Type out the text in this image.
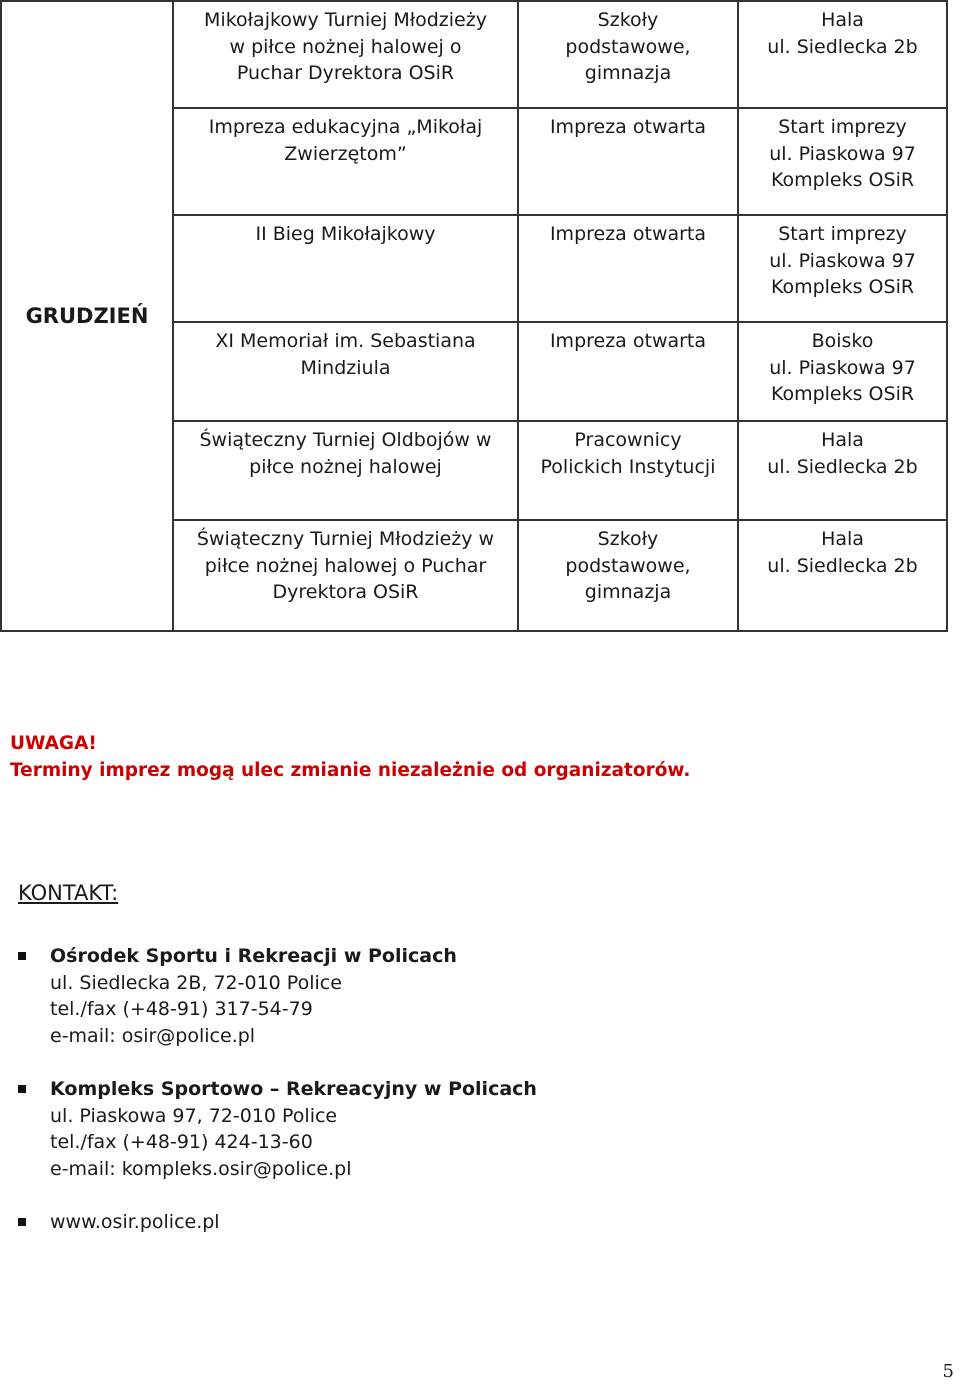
GRUDZIEŃ	Mikołajkowy Turniej Młodzieży
w piłce nożnej halowej o
Puchar Dyrektora OSiR	Szkoły
podstawowe,
gimnazja	Hala
ul. Siedlecka 2b

	Impreza edukacyjna „Mikołaj
Zwierzętom”	Impreza otwarta	Start imprezy
ul. Piaskowa 97
Kompleks OSiR

	II Bieg Mikołajkowy	Impreza otwarta	Start imprezy
ul. Piaskowa 97
Kompleks OSiR

	XI Memoriał im. Sebastiana
Mindziula	Impreza otwarta	Boisko
ul. Piaskowa 97
Kompleks OSiR

	Świąteczny Turniej Oldbojów w
piłce nożnej halowej	Pracownicy
Polickich Instytucji	Hala
ul. Siedlecka 2b

	Świąteczny Turniej Młodzieży w
piłce nożnej halowej o Puchar
Dyrektora OSiR	Szkoły
podstawowe,
gimnazja	Hala
ul. Siedlecka 2b
UWAGA!
Terminy imprez mogą ulec zmianie niezależnie od organizatorów.
KONTAKT:
Ośrodek Sportu i Rekreacji w Policach
ul. Siedlecka 2B, 72-010 Police
tel./fax (+48-91) 317-54-79
e-mail: osir@police.pl
Kompleks Sportowo – Rekreacyjny w Policach
ul. Piaskowa 97, 72-010 Police
tel./fax (+48-91) 424-13-60
e-mail: kompleks.osir@police.pl
www.osir.police.pl
5
